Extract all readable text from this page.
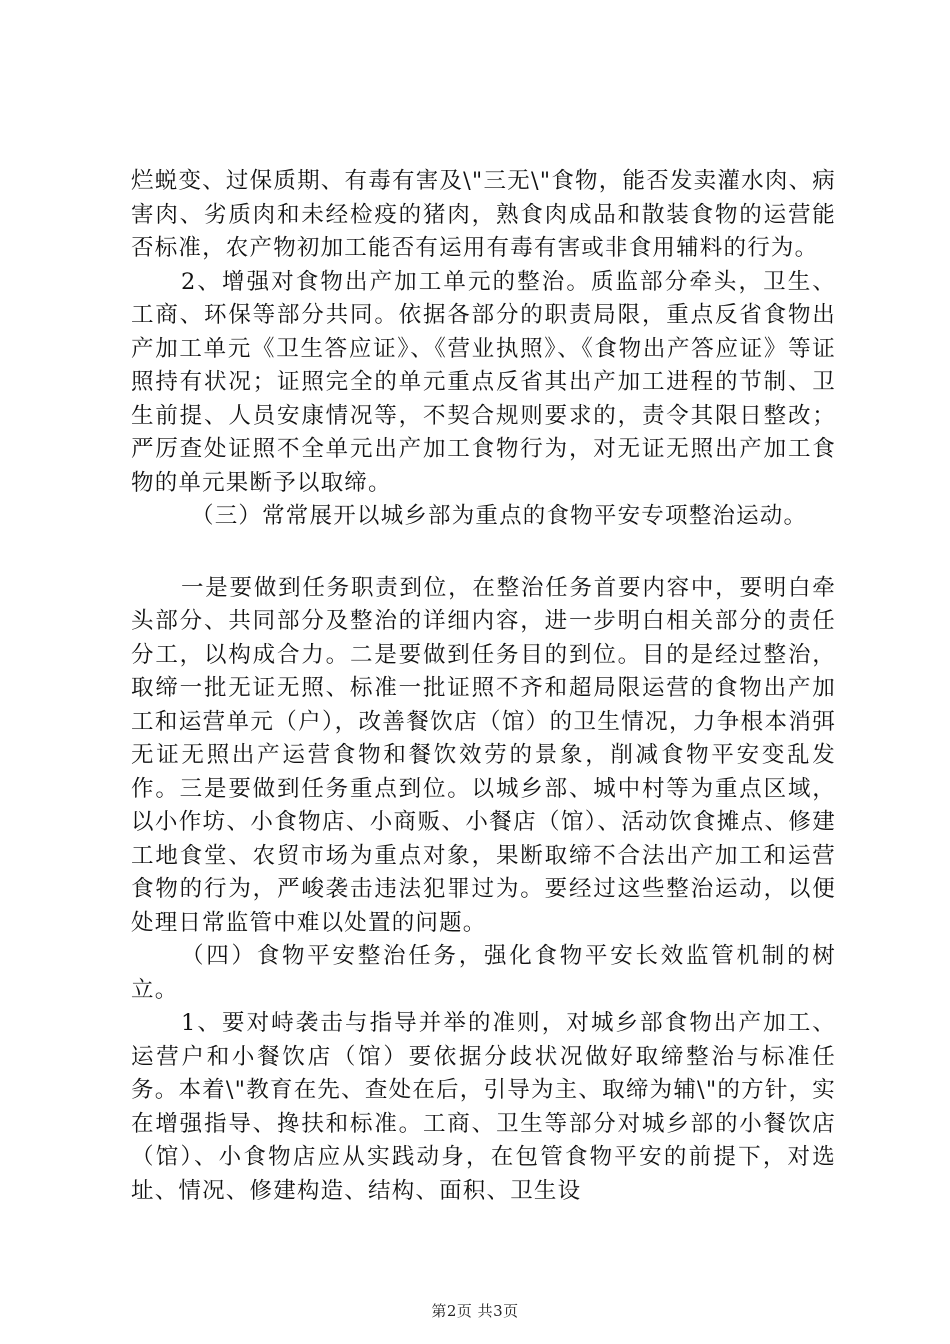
烂蜕变、过保质期、有毒有害及\"三无\"食物，能否发卖灌水肉、病害肉、劣质肉和未经检疫的猪肉，熟食肉成品和散装食物的运营能否标准，农产物初加工能否有运用有毒有害或非食用辅料的行为。

2、增强对食物出产加工单元的整治。质监部分牵头，卫生、工商、环保等部分共同。依据各部分的职责局限，重点反省食物出产加工单元《卫生答应证》、《营业执照》、《食物出产答应证》等证照持有状况；证照完全的单元重点反省其出产加工进程的节制、卫生前提、人员安康情况等，不契合规则要求的，责令其限日整改；严厉查处证照不全单元出产加工食物行为，对无证无照出产加工食物的单元果断予以取缔。

（三）常常展开以城乡部为重点的食物平安专项整治运动。

一是要做到任务职责到位，在整治任务首要内容中，要明白牵头部分、共同部分及整治的详细内容，进一步明白相关部分的责任分工，以构成合力。二是要做到任务目的到位。目的是经过整治，取缔一批无证无照、标准一批证照不齐和超局限运营的食物出产加工和运营单元（户），改善餐饮店（馆）的卫生情况，力争根本消弭无证无照出产运营食物和餐饮效劳的景象，削减食物平安变乱发作。三是要做到任务重点到位。以城乡部、城中村等为重点区域，以小作坊、小食物店、小商贩、小餐店（馆）、活动饮食摊点、修建工地食堂、农贸市场为重点对象，果断取缔不合法出产加工和运营食物的行为，严峻袭击违法犯罪过为。要经过这些整治运动，以便处理日常监管中难以处置的问题。

（四）食物平安整治任务，强化食物平安长效监管机制的树立。

1、要对峙袭击与指导并举的准则，对城乡部食物出产加工、运营户和小餐饮店（馆）要依据分歧状况做好取缔整治与标准任务。本着\"教育在先、查处在后，引导为主、取缔为辅\"的方针，实在增强指导、搀扶和标准。工商、卫生等部分对城乡部的小餐饮店（馆）、小食物店应从实践动身，在包管食物平安的前提下，对选址、情况、修建构造、结构、面积、卫生设

第2页 共3页
